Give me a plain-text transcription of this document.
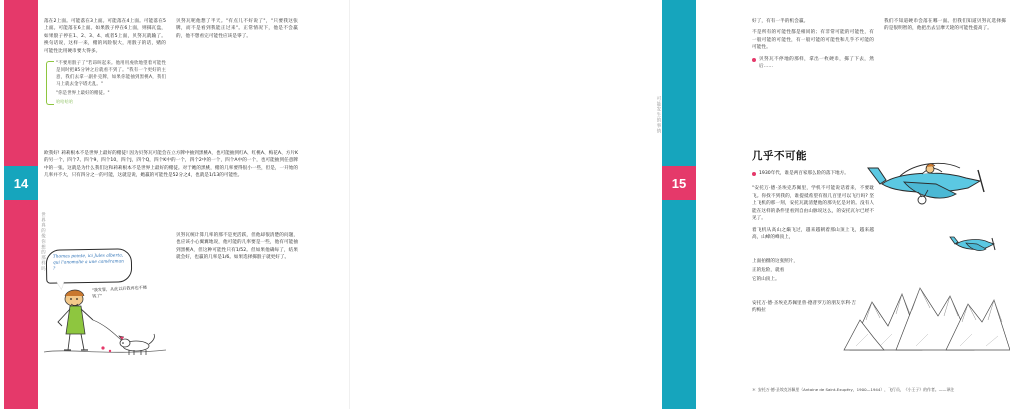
14
世界真的像你想的那样吗

落在2上面。可能落在3上面。可能落在4上面。可能落在5上面。可能落在6上面。如果骰子停在6上面，则掷瓦盘，如果骰子停在1、2、3、4、或者5上面，贝努瓦就输了。换句话说，这样一来，赌的风险很大，用骰子的话，赌的可能性比用硬币要大得多。

"不要用骰子了"若昂叫起来。他用用虔欣地望着可能性是同时把85分钟之后就看不到了。"我有一个更好的主意，我们去拿一副扑克牌，如果你能抽到黑桃A，我们马上就去金字塔尤乱。"

"你是世界上最好的赌徒。"

哈哈哈哈

贝努瓦呢他想了半天。"有点儿不好说了"，"只要我这张牌，而不是看到我能正过来"。正常情况下，他是不会赢的，他不想看完可能性应该是零了。

欧我好! 莉莉根本不是世界上最好的赌徒! 因为贝努瓦可能会在立方牌中抽到黑桃A，也可能抽到红A、红桃A、梅花A、方片K的另一个，四个7、四个9，四个10，四个J，四个Q，四个K中的一个，四个2中的一个，四个A中的一个，也可能抽到任意牌中的一张。这就是为什么我们这和莉莉根本不是世界上最好的赌徒。对于她的黑桃，赌的几率要得很小一些，但是，一开始的几率并不大，只有四分之一的可能，这就是说，她赢的可能性是52分之4，也就是1/13的可能性。

贝努瓦统计算几率的那不是更活跃，但他却很清楚的问题，也应该小心翼翼地说，他可能的几率要是一些，他有可能抽到黑桃A，但这种可能性只有1/52。但如果他确每了，结果就会好，也赢的几率是1/6。如果选择掷骰子就更好了。

Thomas pointe, ici Jules alberta, qui l'anomalie a une caméraman ?
"我发誓，从此以后我再也不赌钱了"
15
可能发生的事情

好了，有有一半的机会赢。

不是所有的可能性都是相同的；有非常可能的可能性，有一般可能的可能性，有一般可能的可能性和几乎不可能的可能性。

贝努瓦不停地的那样，拿出一枚硬币，掷了下去，然后……

我们不知道硬币会落在哪一面。但我们知道贝努瓦选择掷的是很明智的，他把出去呈摩天轮的可能性提高了。

几乎不可能

1930年代，谁是两百家那么险的落下地方。

"安托万·德·圣埃克苏佩里，学机不可能说话着来，不要耽飞。你找不到我的，谁提抵希望有很几百里可以飞行吗? 坚上飞机的那一刻，安托瓦就清楚他的那失忆是对的。没有人能在这样的条件里看到自由山脉说这么，的安托瓦尔已经不见了。

着飞机从高山之巅飞过，越来越朝着那山顶上飞，越来越高，山峰的峰顶上，

上面拍摄的这张照片，
正的危险，就看
它的山顶上。

安托万·德·圣埃克苏佩里曾·德普罗万的朋友享利·吉约梅拉

＊ 安托万·德·圣埃克苏佩里（Antoine de Saint-Exupéry，1900—1944），飞行员，《小王子》的作者。——译注
